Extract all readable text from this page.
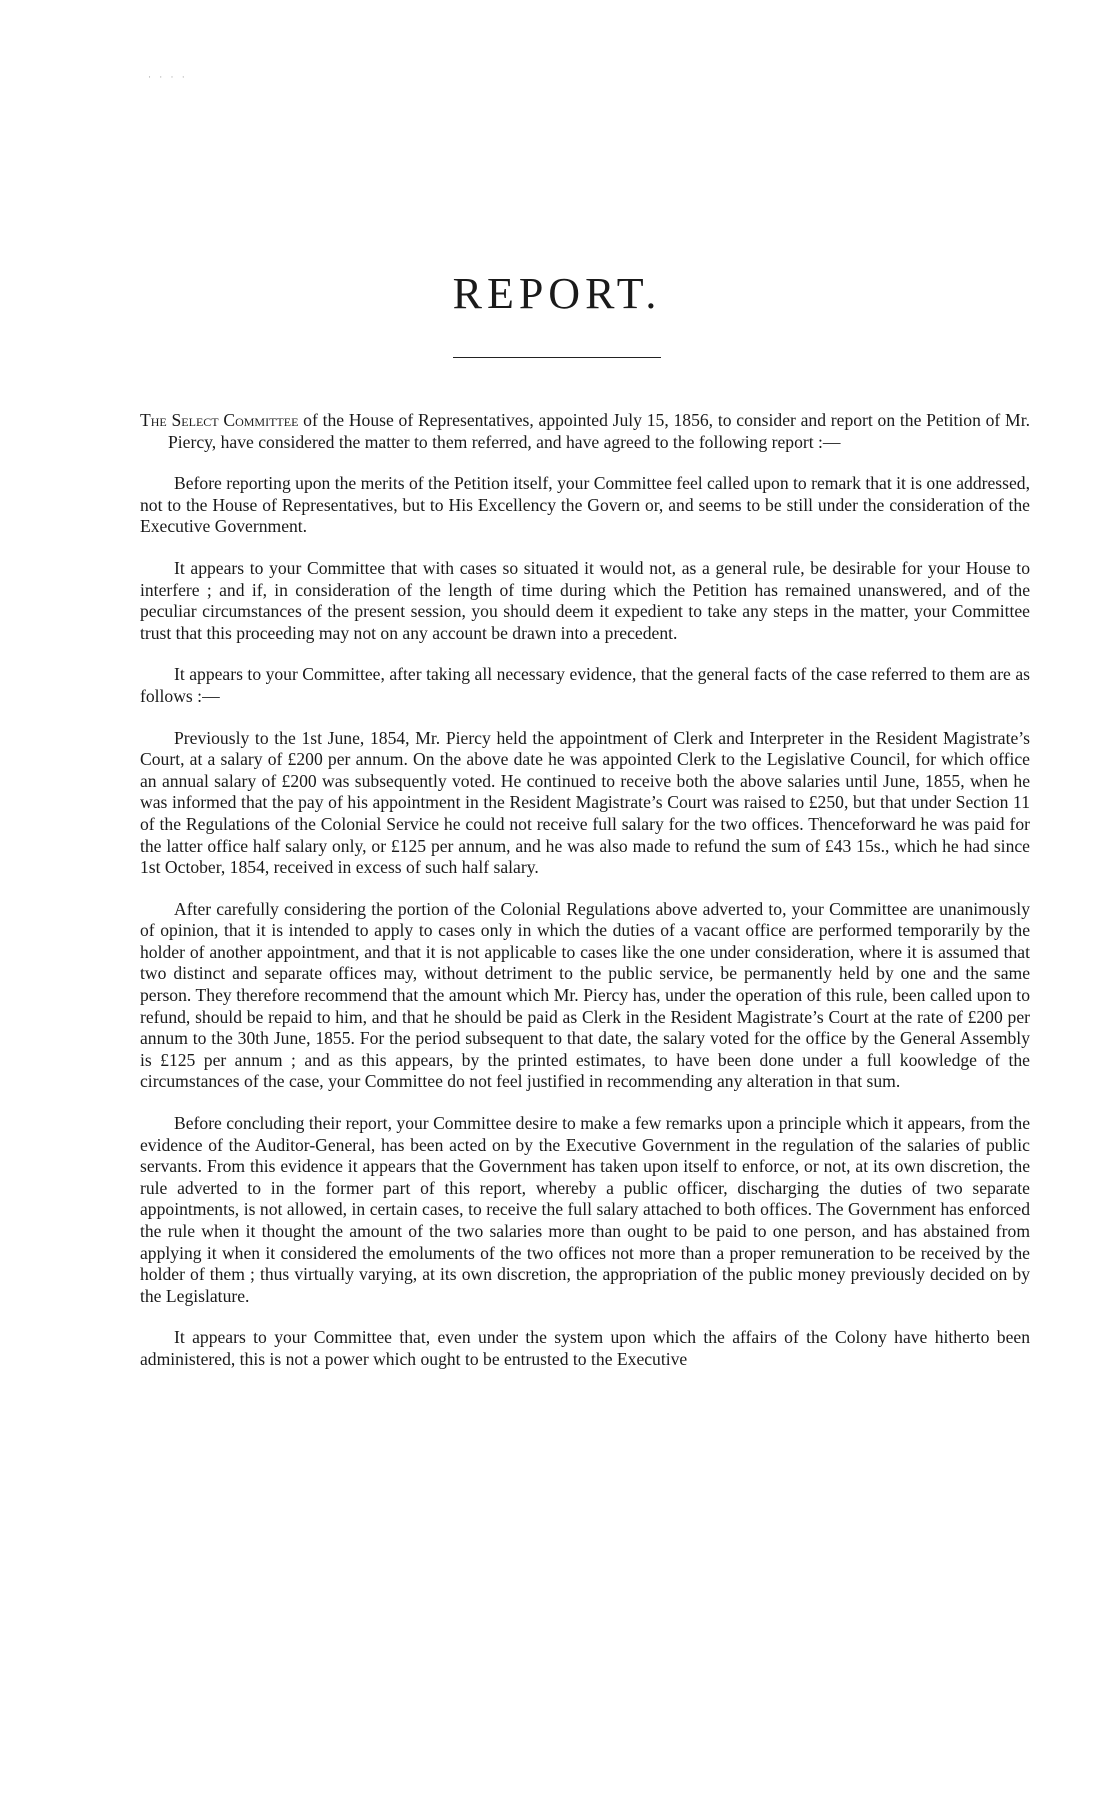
· · · ·
REPORT.

The Select Committee of the House of Representatives, appointed July 15, 1856, to consider and report on the Petition of Mr. Piercy, have considered the matter to them referred, and have agreed to the following report :—

Before reporting upon the merits of the Petition itself, your Committee feel called upon to remark that it is one addressed, not to the House of Representatives, but to His Excellency the Govern or, and seems to be still under the consideration of the Executive Government.

It appears to your Committee that with cases so situated it would not, as a general rule, be desirable for your House to interfere ; and if, in consideration of the length of time during which the Petition has remained unanswered, and of the peculiar circumstances of the present session, you should deem it expedient to take any steps in the matter, your Committee trust that this proceeding may not on any account be drawn into a precedent.

It appears to your Committee, after taking all necessary evidence, that the general facts of the case referred to them are as follows :—

Previously to the 1st June, 1854, Mr. Piercy held the appointment of Clerk and Interpreter in the Resident Magistrate’s Court, at a salary of £200 per annum. On the above date he was appointed Clerk to the Legislative Council, for which office an annual salary of £200 was subsequently voted. He continued to receive both the above salaries until June, 1855, when he was informed that the pay of his appointment in the Resident Magistrate’s Court was raised to £250, but that under Section 11 of the Regulations of the Colonial Service he could not receive full salary for the two offices. Thenceforward he was paid for the latter office half salary only, or £125 per annum, and he was also made to refund the sum of £43 15s., which he had since 1st October, 1854, received in excess of such half salary.

After carefully considering the portion of the Colonial Regulations above adverted to, your Committee are unanimously of opinion, that it is intended to apply to cases only in which the duties of a vacant office are performed temporarily by the holder of another appointment, and that it is not applicable to cases like the one under consideration, where it is assumed that two distinct and separate offices may, without detriment to the public service, be permanently held by one and the same person. They therefore recommend that the amount which Mr. Piercy has, under the operation of this rule, been called upon to refund, should be repaid to him, and that he should be paid as Clerk in the Resident Magistrate’s Court at the rate of £200 per annum to the 30th June, 1855. For the period subsequent to that date, the salary voted for the office by the General Assembly is £125 per annum ; and as this appears, by the printed estimates, to have been done under a full koowledge of the circumstances of the case, your Committee do not feel justified in recommending any alteration in that sum.

Before concluding their report, your Committee desire to make a few remarks upon a principle which it appears, from the evidence of the Auditor-General, has been acted on by the Executive Government in the regulation of the salaries of public servants. From this evidence it appears that the Government has taken upon itself to enforce, or not, at its own discretion, the rule adverted to in the former part of this report, whereby a public officer, discharging the duties of two separate appointments, is not allowed, in certain cases, to receive the full salary attached to both offices. The Government has enforced the rule when it thought the amount of the two salaries more than ought to be paid to one person, and has abstained from applying it when it considered the emoluments of the two offices not more than a proper remuneration to be received by the holder of them ; thus virtually varying, at its own discretion, the appropriation of the public money previously decided on by the Legislature.

It appears to your Committee that, even under the system upon which the affairs of the Colony have hitherto been administered, this is not a power which ought to be entrusted to the Executive
